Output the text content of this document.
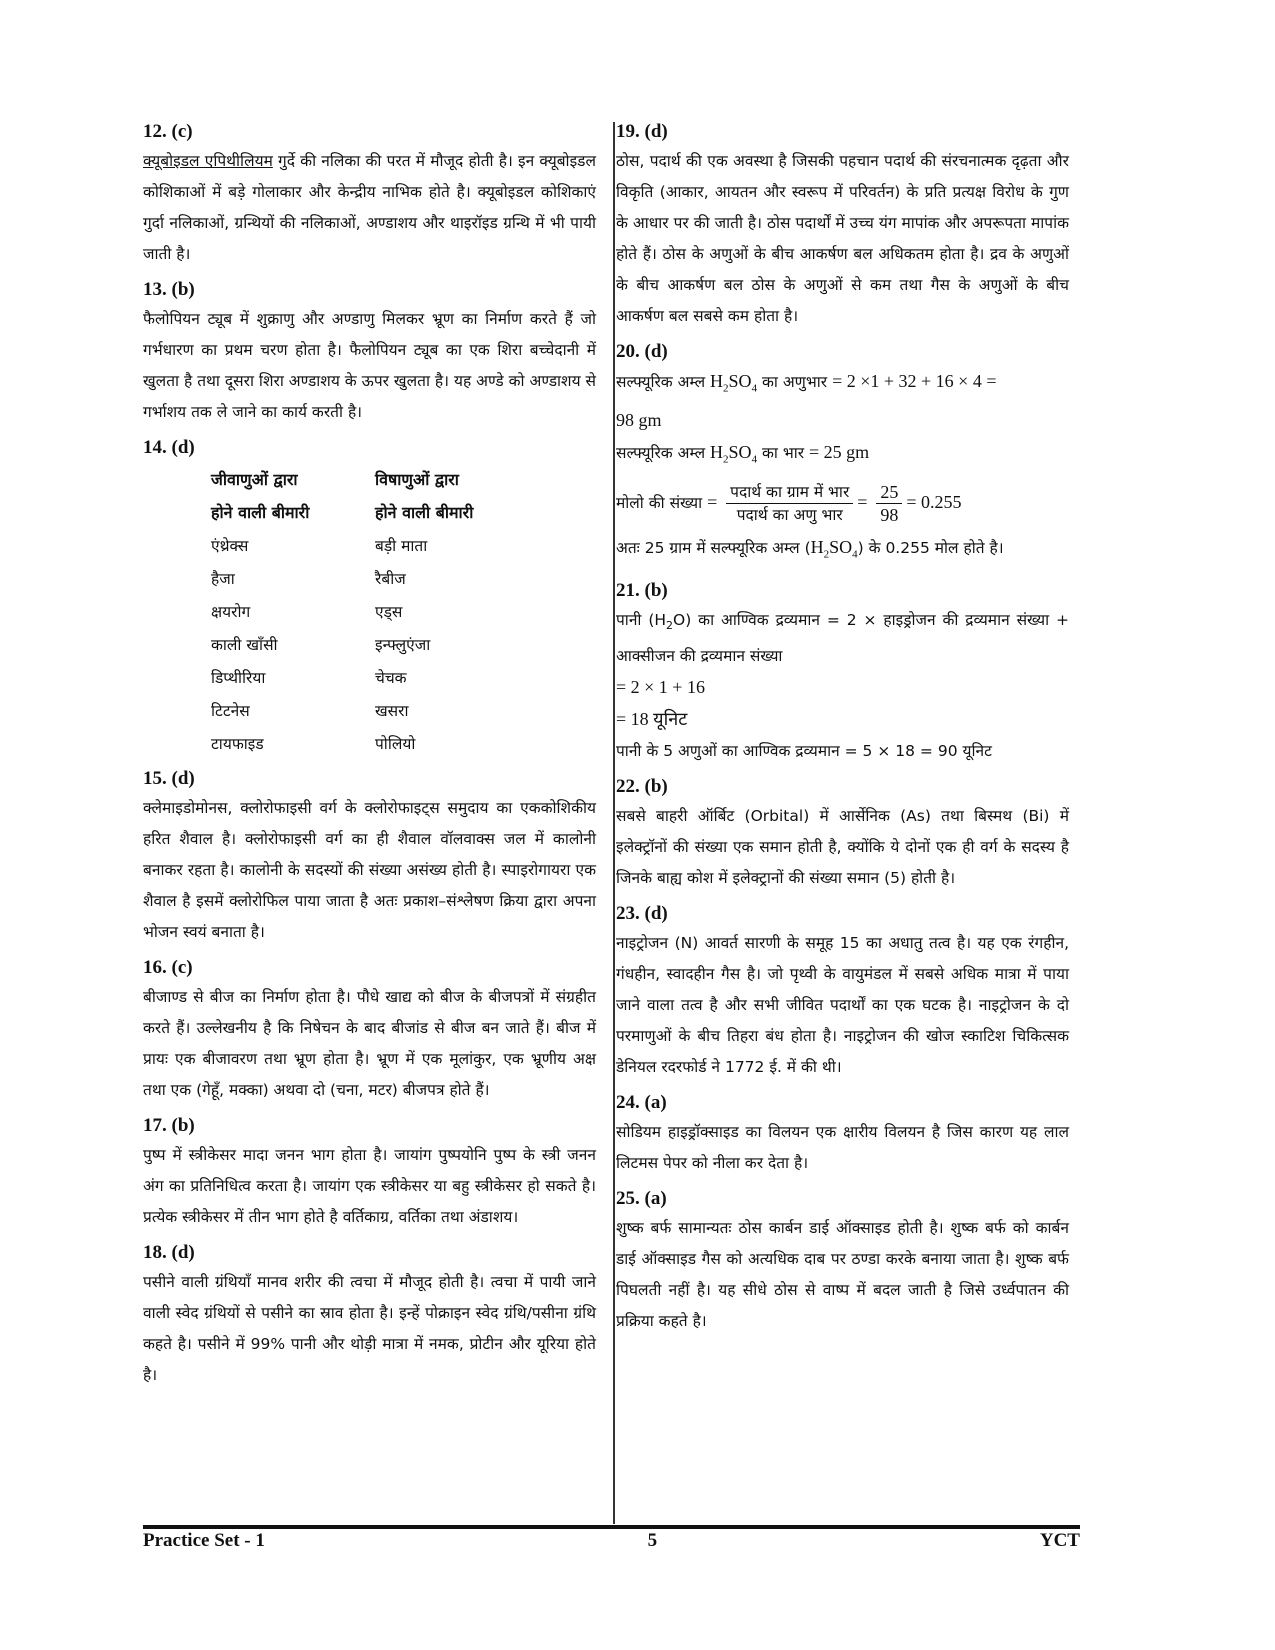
12. (c)
क्यूबोइडल एपिथीलियम गुर्दे की नलिका की परत में मौजूद होती है। इन क्यूबोइडल कोशिकाओं में बड़े गोलाकार और केन्द्रीय नाभिक होते है। क्यूबोइडल कोशिकाएं गुर्दा नलिकाओं, ग्रन्थियों की नलिकाओं, अण्डाशय और थाइरॉइड ग्रन्थि में भी पायी जाती है।
13. (b)
फैलोपियन ट्यूब में शुक्राणु और अण्डाणु मिलकर भ्रूण का निर्माण करते हैं जो गर्भधारण का प्रथम चरण होता है। फैलोपियन ट्यूब का एक शिरा बच्चेदानी में खुलता है तथा दूसरा शिरा अण्डाशय के ऊपर खुलता है। यह अण्डे को अण्डाशय से गर्भाशय तक ले जाने का कार्य करती है।
14. (d)
जीवाणुओं द्वारा	विषाणुओं द्वारा
होने वाली बीमारी	होने वाली बीमारी
एंथ्रेक्स	बड़ी माता
हैजा	रैबीज
क्षयरोग	एड्स
काली खाँसी	इन्फ्लुएंजा
डिप्थीरिया	चेचक
टिटनेस	खसरा
टायफाइड	पोलियो
15. (d)
क्लेमाइडोमोनस, क्लोरोफाइसी वर्ग के क्लोरोफाइट्स समुदाय का एककोशिकीय हरित शैवाल है। क्लोरोफाइसी वर्ग का ही शैवाल वॉलवाक्स जल में कालोनी बनाकर रहता है। कालोनी के सदस्यों की संख्या असंख्य होती है। स्पाइरोगायरा एक शैवाल है इसमें क्लोरोफिल पाया जाता है अतः प्रकाश–संश्लेषण क्रिया द्वारा अपना भोजन स्वयं बनाता है।
16. (c)
बीजाण्ड से बीज का निर्माण होता है। पौधे खाद्य को बीज के बीजपत्रों में संग्रहीत करते हैं। उल्लेखनीय है कि निषेचन के बाद बीजांड से बीज बन जाते हैं। बीज में प्रायः एक बीजावरण तथा भ्रूण होता है। भ्रूण में एक मूलांकुर, एक भ्रूणीय अक्ष तथा एक (गेहूँ, मक्का) अथवा दो (चना, मटर) बीजपत्र होते हैं।
17. (b)
पुष्प में स्त्रीकेसर मादा जनन भाग होता है। जायांग पुष्पयोनि पुष्प के स्त्री जनन अंग का प्रतिनिधित्व करता है। जायांग एक स्त्रीकेसर या बहु स्त्रीकेसर हो सकते है। प्रत्येक स्त्रीकेसर में तीन भाग होते है वर्तिकाग्र, वर्तिका तथा अंडाशय।
18. (d)
पसीने वाली ग्रंथियाँ मानव शरीर की त्वचा में मौजूद होती है। त्वचा में पायी जाने वाली स्वेद ग्रंथियों से पसीने का स्राव होता है। इन्हें पोक्राइन स्वेद ग्रंथि/पसीना ग्रंथि कहते है। पसीने में 99% पानी और थोड़ी मात्रा में नमक, प्रोटीन और यूरिया होते है।
19. (d)
ठोस, पदार्थ की एक अवस्था है जिसकी पहचान पदार्थ की संरचनात्मक दृढ़ता और विकृति (आकार, आयतन और स्वरूप में परिवर्तन) के प्रति प्रत्यक्ष विरोध के गुण के आधार पर की जाती है। ठोस पदार्थों में उच्च यंग मापांक और अपरूपता मापांक होते हैं। ठोस के अणुओं के बीच आकर्षण बल अधिकतम होता है। द्रव के अणुओं के बीच आकर्षण बल ठोस के अणुओं से कम तथा गैस के अणुओं के बीच आकर्षण बल सबसे कम होता है।
20. (d)
सल्फ्यूरिक अम्ल $H_2SO_4$ का अणुभार = 2 ×1 + 32 + 16 × 4 =
98 gm
सल्फ्यूरिक अम्ल $H_2SO_4$ का भार = 25 gm
मोलो की संख्या = $\frac{\text{पदार्थ का ग्राम में भार}}{\text{पदार्थ का अणु भार}} = \frac{25}{98} = 0.255$
अतः 25 ग्राम में सल्फ्यूरिक अम्ल $(H_2SO_4)$ के 0.255 मोल होते है।
21. (b)
पानी $(H_2O)$ का आण्विक द्रव्यमान = 2 × हाइड्रोजन की द्रव्यमान संख्या + आक्सीजन की द्रव्यमान संख्या
= 2 × 1 + 16
= 18 यूनिट
पानी के 5 अणुओं का आण्विक द्रव्यमान = 5 × 18 = 90 यूनिट
22. (b)
सबसे बाहरी ऑर्बिट (Orbital) में आर्सेनिक (As) तथा बिस्मथ (Bi) में इलेक्ट्रॉनों की संख्या एक समान होती है, क्योंकि ये दोनों एक ही वर्ग के सदस्य है जिनके बाह्य कोश में इलेक्ट्रानों की संख्या समान (5) होती है।
23. (d)
नाइट्रोजन (N) आवर्त सारणी के समूह 15 का अधातु तत्व है। यह एक रंगहीन, गंधहीन, स्वादहीन गैस है। जो पृथ्वी के वायुमंडल में सबसे अधिक मात्रा में पाया जाने वाला तत्व है और सभी जीवित पदार्थों का एक घटक है। नाइट्रोजन के दो परमाणुओं के बीच तिहरा बंध होता है। नाइट्रोजन की खोज स्काटिश चिकित्सक डेनियल रदरफोर्ड ने 1772 ई. में की थी।
24. (a)
सोडियम हाइड्रॉक्साइड का विलयन एक क्षारीय विलयन है जिस कारण यह लाल लिटमस पेपर को नीला कर देता है।
25. (a)
शुष्क बर्फ सामान्यतः ठोस कार्बन डाई ऑक्साइड होती है। शुष्क बर्फ को कार्बन डाई ऑक्साइड गैस को अत्यधिक दाब पर ठण्डा करके बनाया जाता है। शुष्क बर्फ पिघलती नहीं है। यह सीधे ठोस से वाष्प में बदल जाती है जिसे उर्ध्वपातन की प्रक्रिया कहते है।
Practice Set - 1	5	YCT
